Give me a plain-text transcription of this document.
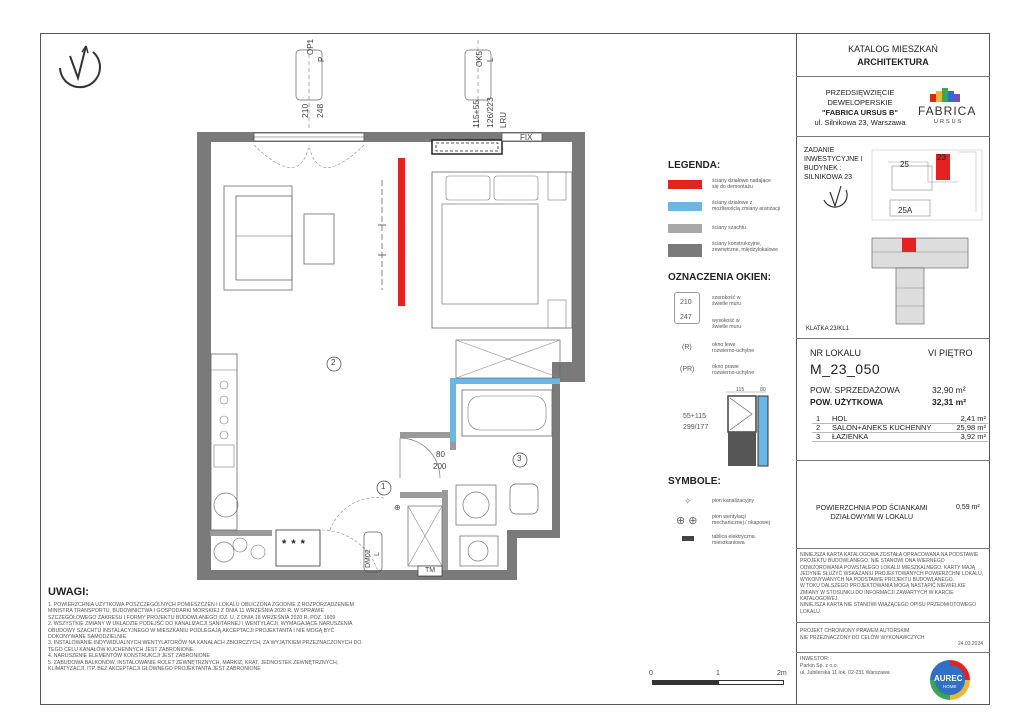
⊕
OP1
P
210 248
OK5 L
115+55 126/223 LRU
FIX
2
3
1
80
200
DM02 L
TM
* * *
LEGENDA:
ściany działowe nadające
się do demontażu
ściany działowe z
możliwością zmiany aranżacji
ściany szachtu
ściany konstrukcyjne,
zewnętrzne, międzylokalowe
OZNACZENIA OKIEN:
210
247
szerokość w
świetle muru
wysokość w
świetle muru
(R)	okno lewe
rozwierno-uchylne
(PR)	okno prawe
rozwierno-uchylne
115	80
55+115
299/177
SYMBOLE:
✧	pion kanalizacyjny
⊕ ⊕	pion wentylacji
mechanicznej / okapowej
tablica elektryczna
mieszkaniowa
UWAGI:
1. POWIERZCHNIA UŻYTKOWA POSZCZEGÓLNYCH POMIESZCZEŃ I LOKALU OBLICZONA ZGODNIE Z ROZPORZĄDZENIEM
MINISTRA TRANSPORTU, BUDOWNICTWA I GOSPODARKI MORSKIEJ Z DNIA 11 WRZEŚNIA 2020 R. W SPRAWIE
SZCZEGÓŁOWEGO ZAKRESU I FORMY PROJEKTU BUDOWLANEGO /DZ. U. Z DNIA 18 WRZEŚNIA 2020 R. POZ. 1609
2. WSZYSTKIE ZMIANY W UKŁADZIE PODEJŚĆ DO KANALIZACJI SANITARNEJ I WENTYLACJI, WYMAGAJĄCE NARUSZENIA
OBUDOWY SZACHTU INSTALACYJNEGO W MIESZKANIU PODLEGAJĄ AKCEPTACJI PROJEKTANTA I NIE MOGĄ BYĆ
DOKONYWANE SAMODZIELNIE.
3. INSTALOWANIE INDYWIDUALNYCH WENTYLATORÓW NA KANAŁACH ZBIORCZYCH, ZA WYJĄTKIEM PRZEZNACZONYCH DO
TEGO CELU KANAŁÓW KUCHENNYCH JEST ZABRONIONE.
4. NARUSZENIE ELEMENTÓW KONSTRUKCJI JEST ZABRONIONE
5. ZABUDOWA BALKONÓW, INSTALOWANIE ROLET ZEWNĘTRZNYCH, MARKIZ, KRAT, JEDNOSTEK ZEWNĘTRZNYCH,
KLIMATYZACJI, ITP. BEZ AKCEPTACJI GŁÓWNEGO PROJEKTANTA JEST ZABRONIONE
0	1	2m
KATALOG MIESZKAŃ
ARCHITEKTURA
PRZEDSIĘWZIĘCIE
DEWELOPERSKIE
"FABRICA URSUS B"
ul. Silnikowa 23, Warszawa
FABRICA
URSUS
ZADANIE
INWESTYCYJNE I
BUDYNEK :
SILNIKOWA 23
25
23
25A
KLATKA 23/KL1
NR LOKALU	VI PIĘTRO
M_23_050
POW. SPRZEDAŻOWA	32,90 m²
POW. UŻYTKOWA	32,31 m²
1 HOL	2,41 m²
2 SALON+ANEKS KUCHENNY	25,98 m²
3 ŁAZIENKA	3,92 m²
POWIERZCHNIA POD ŚCIANKAMI
DZIAŁOWYMI W LOKALU
0,59 m²
NINIEJSZA KARTA KATALOGOWA ZOSTAŁA OPRACOWANA NA PODSTAWIE
PROJEKTU BUDOWLANEGO. NIE STANOWI ONA WIERNEGO
ODWZOROWANIA POWSTAŁEGO LOKALU MIESZKALNEGO. KARTY MAJĄ
JEDYNIE SŁUŻYĆ WSKAZANIU PROJEKTOWANYCH POWIERZCHNI LOKALU,
WYKONYWANYCH NA PODSTAWIE PROJEKTU BUDOWLANEGO.
W TOKU DALSZEGO PROJEKTOWANIA MOGĄ NASTĄPIĆ NIEWIELKIE
ZMIANY W STOSUNKU DO INFORMACJI ZAWARTYCH W KARCIE
KATALOGOWEJ.
NINIEJSZA KARTA NIE STANOWI WIĄŻĄCEGO OPISU PRZEDMIOTOWEGO
LOKALU.
PROJEKT CHRONIONY PRAWEM AUTORSKIM
NIE PRZEZNACZONY DO CELÓW WYKONAWCZYCH
24.03.2024
INWESTOR:
Parkin Sp. z o.o.
ul. Jubilerska 11 lok. 02-231 Warszawa
AUREC
HOME
